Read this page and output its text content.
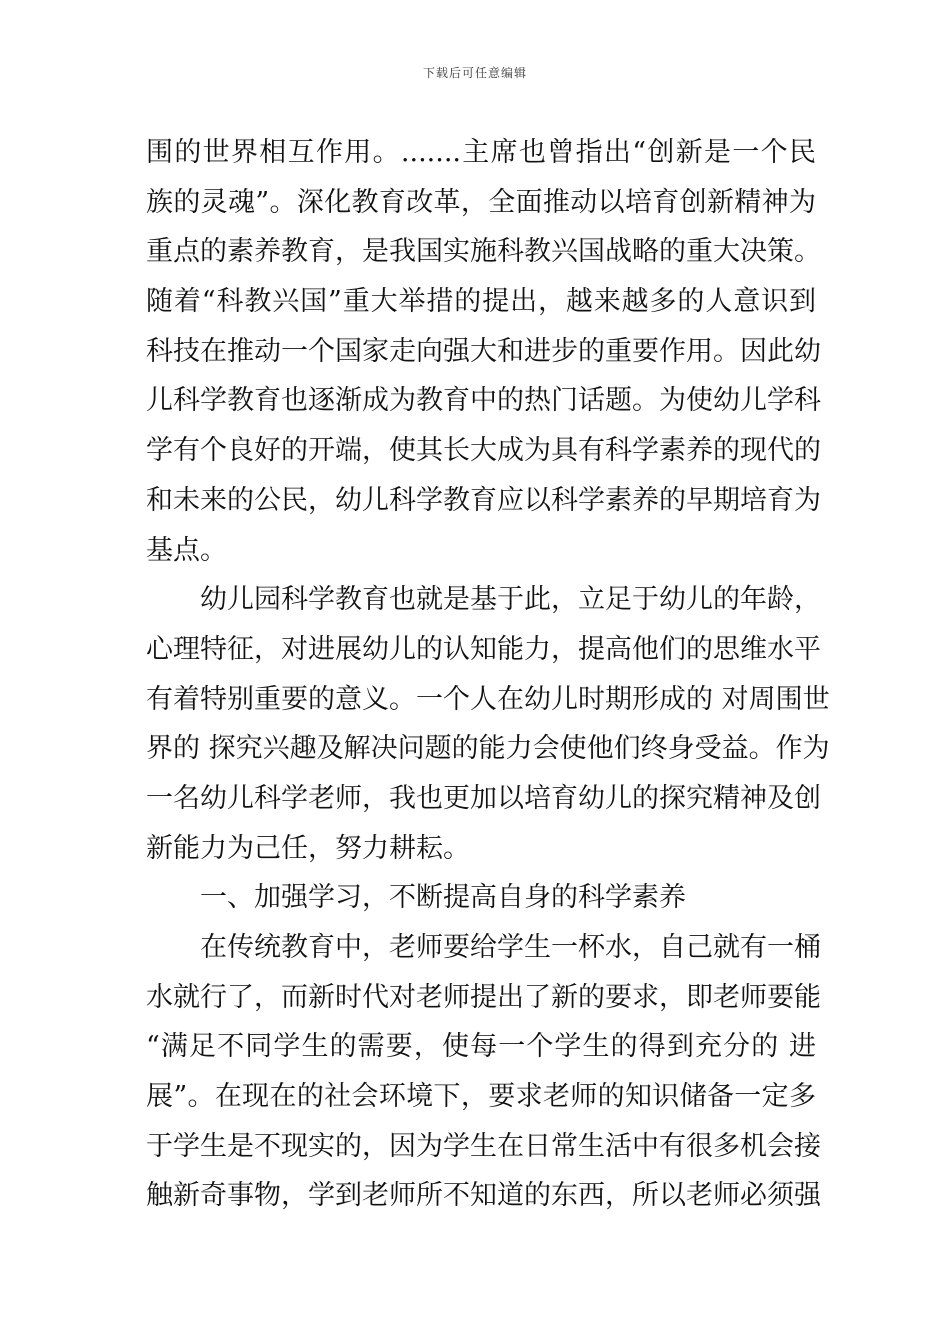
下载后可任意编辑
围的世界相互作用。.......主席也曾指出“创新是一个民
族的灵魂”。深化教育改革，全面推动以培育创新精神为
重点的素养教育，是我国实施科教兴国战略的重大决策。
随着“科教兴国”重大举措的提出，越来越多的人意识到
科技在推动一个国家走向强大和进步的重要作用。因此幼
儿科学教育也逐渐成为教育中的热门话题。为使幼儿学科
学有个良好的开端，使其长大成为具有科学素养的现代的
和未来的公民，幼儿科学教育应以科学素养的早期培育为
基点。
幼儿园科学教育也就是基于此，立足于幼儿的年龄，
心理特征，对进展幼儿的认知能力，提高他们的思维水平
有着特别重要的意义。一个人在幼儿时期形成的 对周围世
界的 探究兴趣及解决问题的能力会使他们终身受益。作为
一名幼儿科学老师，我也更加以培育幼儿的探究精神及创
新能力为己任，努力耕耘。
一、加强学习，不断提高自身的科学素养
在传统教育中，老师要给学生一杯水，自己就有一桶
水就行了，而新时代对老师提出了新的要求，即老师要能
“满足不同学生的需要，使每一个学生的得到充分的 进
展”。在现在的社会环境下，要求老师的知识储备一定多
于学生是不现实的，因为学生在日常生活中有很多机会接
触新奇事物，学到老师所不知道的东西，所以老师必须强
